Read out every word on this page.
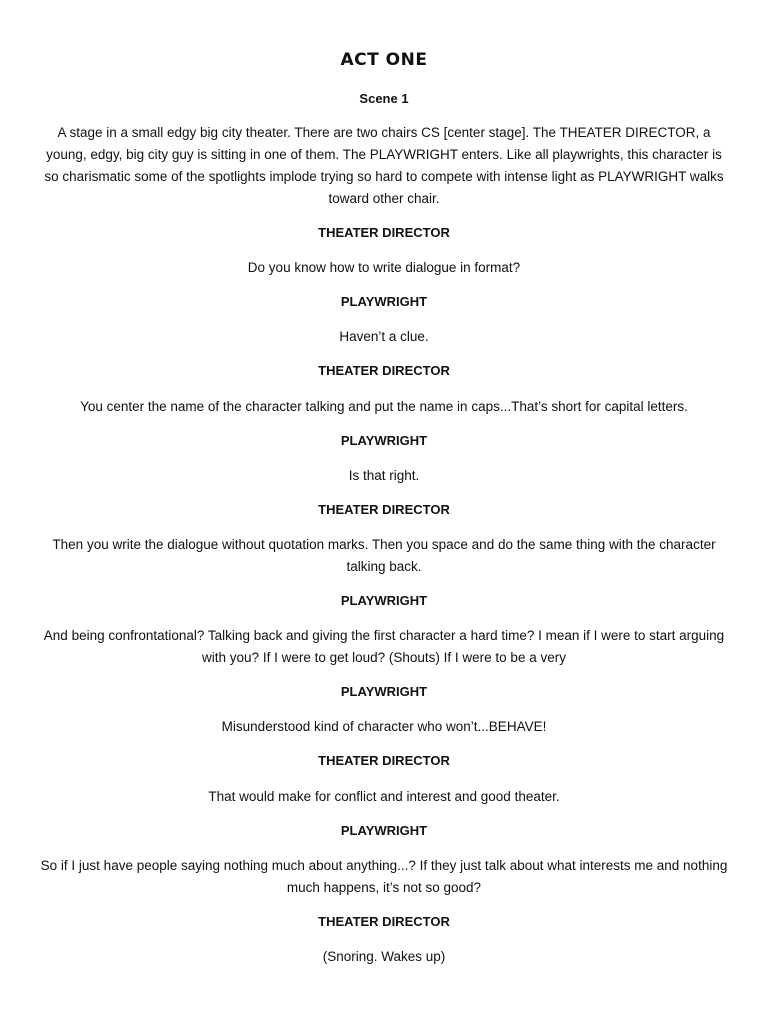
ACT ONE
Scene 1
A stage in a small edgy big city theater. There are two chairs CS [center stage]. The THEATER DIRECTOR, a young, edgy, big city guy is sitting in one of them. The PLAYWRIGHT enters. Like all playwrights, this character is so charismatic some of the spotlights implode trying so hard to compete with intense light as PLAYWRIGHT walks toward other chair.
THEATER DIRECTOR
Do you know how to write dialogue in format?
PLAYWRIGHT
Haven’t a clue.
THEATER DIRECTOR
You center the name of the character talking and put the name in caps...That’s short for capital letters.
PLAYWRIGHT
Is that right.
THEATER DIRECTOR
Then you write the dialogue without quotation marks. Then you space and do the same thing with the character talking back.
PLAYWRIGHT
And being confrontational? Talking back and giving the first character a hard time? I mean if I were to start arguing with you? If I were to get loud? (Shouts) If I were to be a very
PLAYWRIGHT
Misunderstood kind of character who won’t...BEHAVE!
THEATER DIRECTOR
That would make for conflict and interest and good theater.
PLAYWRIGHT
So if I just have people saying nothing much about anything...? If they just talk about what interests me and nothing much happens, it’s not so good?
THEATER DIRECTOR
(Snoring. Wakes up)
